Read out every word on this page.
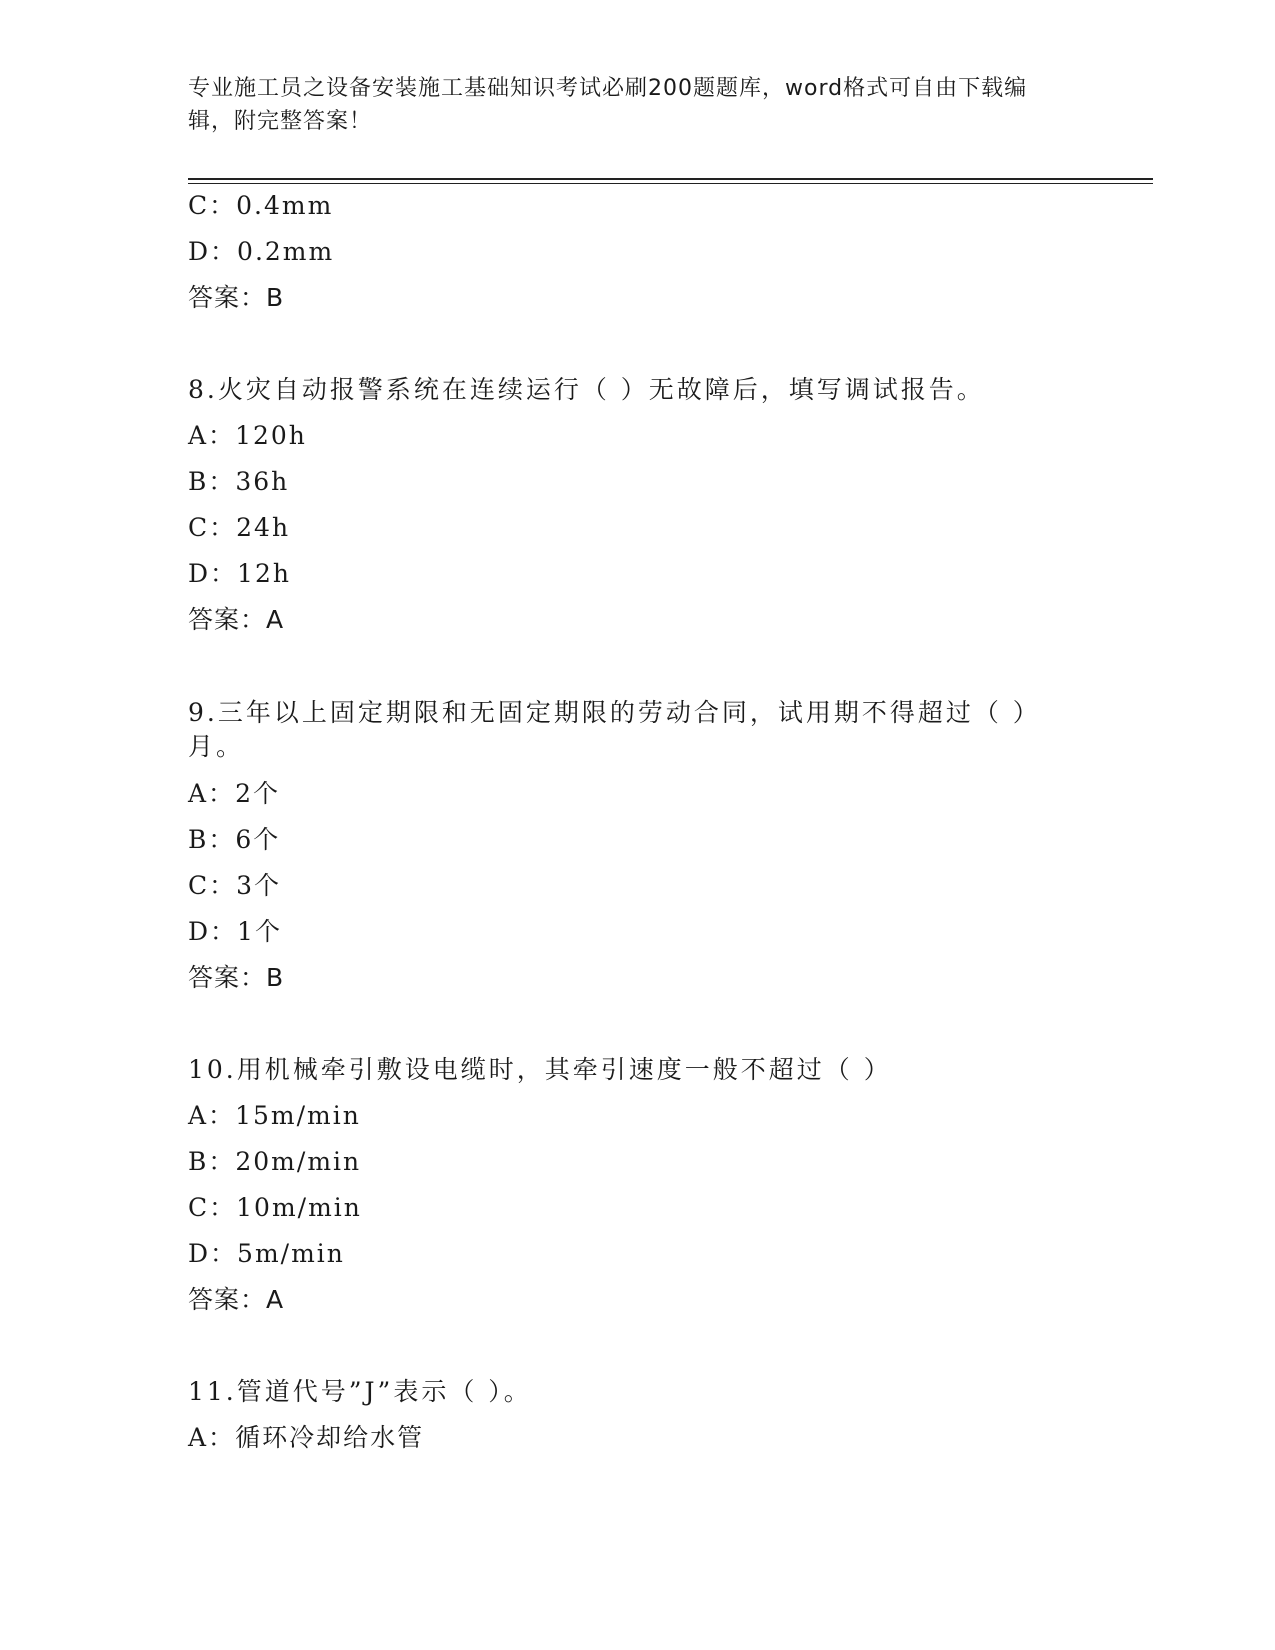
专业施工员之设备安装施工基础知识考试必刷200题题库，word格式可自由下载编辑，附完整答案！
C：0.4mm
D：0.2mm
答案：B
8.火灾自动报警系统在连续运行（ ）无故障后，填写调试报告。
A：120h
B：36h
C：24h
D：12h
答案：A
9.三年以上固定期限和无固定期限的劳动合同，试用期不得超过（ ）月。
A：2个
B：6个
C：3个
D：1个
答案：B
10.用机械牵引敷设电缆时，其牵引速度一般不超过（ ）
A：15m/min
B：20m/min
C：10m/min
D：5m/min
答案：A
11.管道代号”J”表示（ ）。
A：循环冷却给水管
